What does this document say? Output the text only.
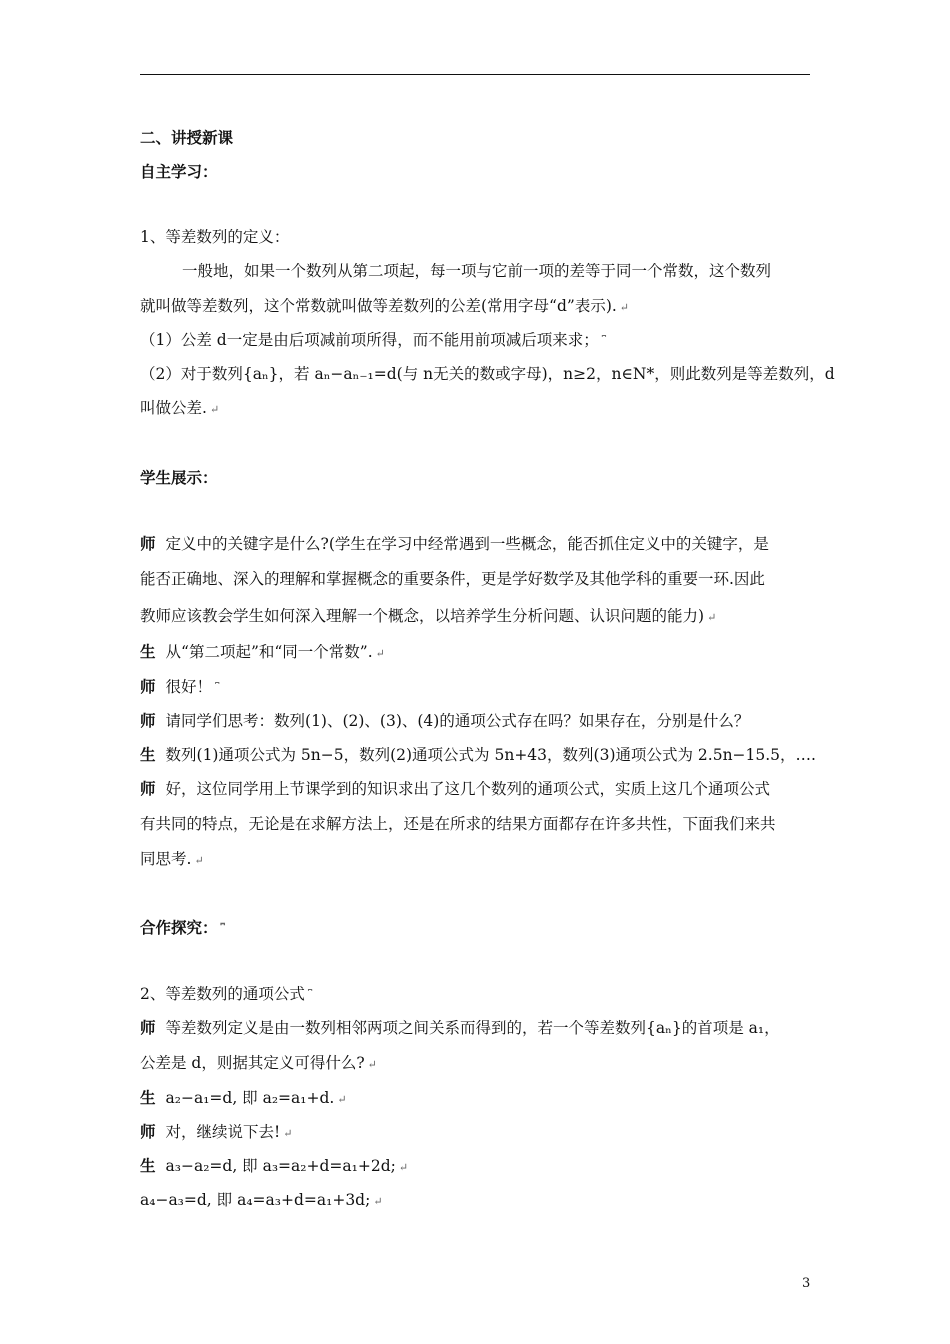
二、讲授新课
自主学习：
1、等差数列的定义：
一般地，如果一个数列从第二项起，每一项与它前一项的差等于同一个常数，这个数列
就叫做等差数列，这个常数就叫做等差数列的公差(常用字母“d”表示). ↵
（1）公差 d一定是由后项减前项所得，而不能用前项减后项来求； ⎴
（2）对于数列{aₙ}，若 aₙ−aₙ₋₁=d(与 n无关的数或字母)，n≥2，n∈N*，则此数列是等差数列，d
叫做公差. ↵
学生展示：
师 定义中的关键字是什么?(学生在学习中经常遇到一些概念，能否抓住定义中的关键字，是
能否正确地、深入的理解和掌握概念的重要条件，更是学好数学及其他学科的重要一环.因此
教师应该教会学生如何深入理解一个概念，以培养学生分析问题、认识问题的能力) ↵
生 从“第二项起”和“同一个常数”. ↵
师 很好！ ⎴
师 请同学们思考：数列(1)、(2)、(3)、(4)的通项公式存在吗？如果存在，分别是什么？
生 数列(1)通项公式为 5n−5，数列(2)通项公式为 5n+43，数列(3)通项公式为 2.5n−15.5，….
师 好，这位同学用上节课学到的知识求出了这几个数列的通项公式，实质上这几个通项公式
有共同的特点，无论是在求解方法上，还是在所求的结果方面都存在许多共性，下面我们来共
同思考. ↵
合作探究： ⎴
2、等差数列的通项公式 ⎴
师 等差数列定义是由一数列相邻两项之间关系而得到的，若一个等差数列{aₙ}的首项是 a₁，
公差是 d，则据其定义可得什么? ↵
生 a₂−a₁=d, 即 a₂=a₁+d. ↵
师 对，继续说下去! ↵
生 a₃−a₂=d, 即 a₃=a₂+d=a₁+2d; ↵
a₄−a₃=d, 即 a₄=a₃+d=a₁+3d; ↵
3
